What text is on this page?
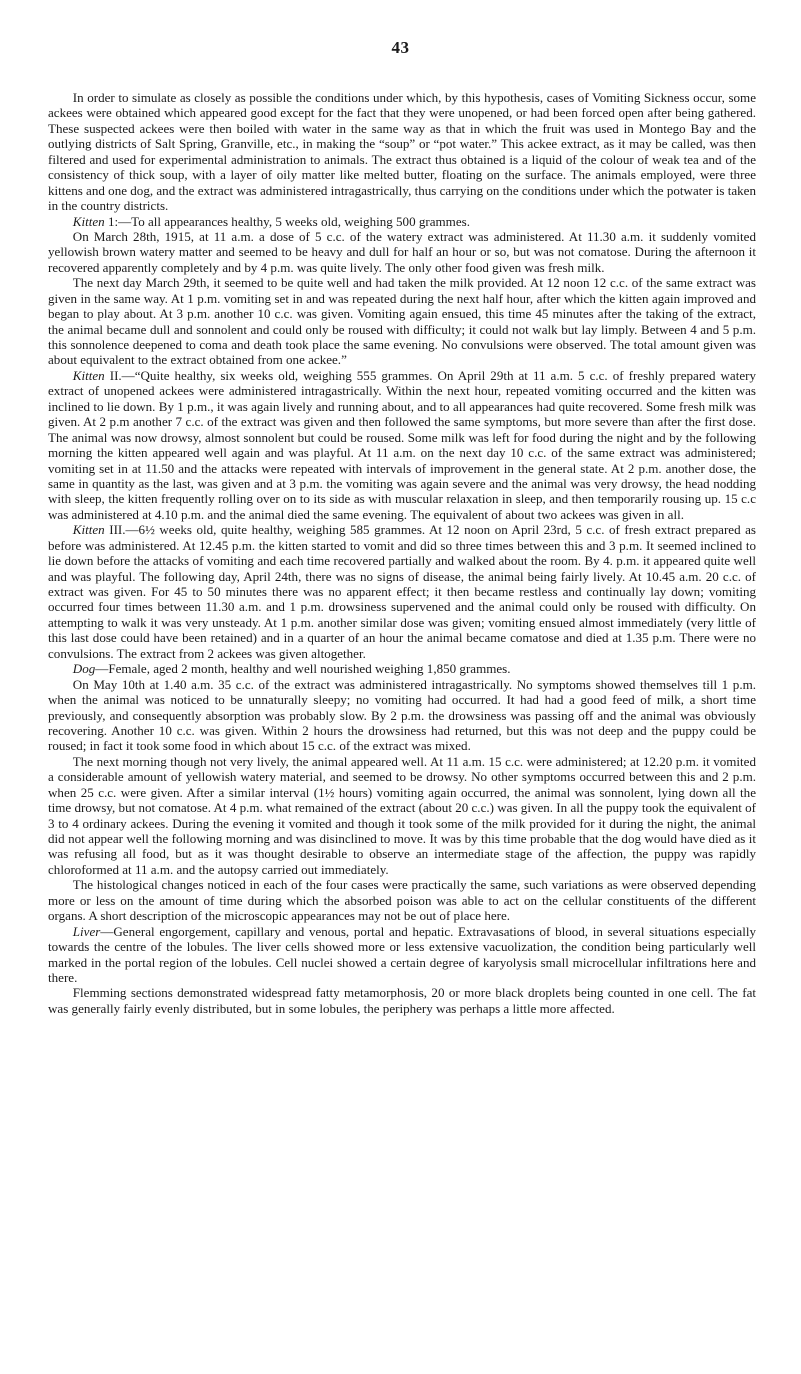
43

In order to simulate as closely as possible the conditions under which, by this hypothesis, cases of Vomiting Sickness occur, some ackees were obtained which appeared good except for the fact that they were unopened, or had been forced open after being gathered. These suspected ackees were then boiled with water in the same way as that in which the fruit was used in Montego Bay and the outlying districts of Salt Spring, Granville, etc., in making the “soup” or “pot water.” This ackee extract, as it may be called, was then filtered and used for experimental administration to animals. The extract thus obtained is a liquid of the colour of weak tea and of the consistency of thick soup, with a layer of oily matter like melted butter, floating on the surface. The animals employed, were three kittens and one dog, and the extract was administered intragastrically, thus carrying on the conditions under which the potwater is taken in the country districts.

Kitten 1:—To all appearances healthy, 5 weeks old, weighing 500 grammes.

On March 28th, 1915, at 11 a.m. a dose of 5 c.c. of the watery extract was administered. At 11.30 a.m. it suddenly vomited yellowish brown watery matter and seemed to be heavy and dull for half an hour or so, but was not comatose. During the afternoon it recovered apparently completely and by 4 p.m. was quite lively. The only other food given was fresh milk.

The next day March 29th, it seemed to be quite well and had taken the milk provided. At 12 noon 12 c.c. of the same extract was given in the same way. At 1 p.m. vomiting set in and was repeated during the next half hour, after which the kitten again improved and began to play about. At 3 p.m. another 10 c.c. was given. Vomiting again ensued, this time 45 minutes after the taking of the extract, the animal became dull and sonnolent and could only be roused with difficulty; it could not walk but lay limply. Between 4 and 5 p.m. this sonnolence deepened to coma and death took place the same evening. No convulsions were observed. The total amount given was about equivalent to the extract obtained from one ackee.”

Kitten II.—“Quite healthy, six weeks old, weighing 555 grammes. On April 29th at 11 a.m. 5 c.c. of freshly prepared watery extract of unopened ackees were administered intragastrically. Within the next hour, repeated vomiting occurred and the kitten was inclined to lie down. By 1 p.m., it was again lively and running about, and to all appearances had quite recovered. Some fresh milk was given. At 2 p.m another 7 c.c. of the extract was given and then followed the same symptoms, but more severe than after the first dose. The animal was now drowsy, almost sonnolent but could be roused. Some milk was left for food during the night and by the following morning the kitten appeared well again and was playful. At 11 a.m. on the next day 10 c.c. of the same extract was administered; vomiting set in at 11.50 and the attacks were repeated with intervals of improvement in the general state. At 2 p.m. another dose, the same in quantity as the last, was given and at 3 p.m. the vomiting was again severe and the animal was very drowsy, the head nodding with sleep, the kitten frequently rolling over on to its side as with muscular relaxation in sleep, and then temporarily rousing up. 15 c.c was administered at 4.10 p.m. and the animal died the same evening. The equivalent of about two ackees was given in all.

Kitten III.—6½ weeks old, quite healthy, weighing 585 grammes. At 12 noon on April 23rd, 5 c.c. of fresh extract prepared as before was administered. At 12.45 p.m. the kitten started to vomit and did so three times between this and 3 p.m. It seemed inclined to lie down before the attacks of vomiting and each time recovered partially and walked about the room. By 4. p.m. it appeared quite well and was playful. The following day, April 24th, there was no signs of disease, the animal being fairly lively. At 10.45 a.m. 20 c.c. of extract was given. For 45 to 50 minutes there was no apparent effect; it then became restless and continually lay down; vomiting occurred four times between 11.30 a.m. and 1 p.m. drowsiness supervened and the animal could only be roused with difficulty. On attempting to walk it was very unsteady. At 1 p.m. another similar dose was given; vomiting ensued almost immediately (very little of this last dose could have been retained) and in a quarter of an hour the animal became comatose and died at 1.35 p.m. There were no convulsions. The extract from 2 ackees was given altogether.

Dog—Female, aged 2 month, healthy and well nourished weighing 1,850 grammes.

On May 10th at 1.40 a.m. 35 c.c. of the extract was administered intragastrically. No symptoms showed themselves till 1 p.m. when the animal was noticed to be unnaturally sleepy; no vomiting had occurred. It had had a good feed of milk, a short time previously, and consequently absorption was probably slow. By 2 p.m. the drowsiness was passing off and the animal was obviously recovering. Another 10 c.c. was given. Within 2 hours the drowsiness had returned, but this was not deep and the puppy could be roused; in fact it took some food in which about 15 c.c. of the extract was mixed.

The next morning though not very lively, the animal appeared well. At 11 a.m. 15 c.c. were administered; at 12.20 p.m. it vomited a considerable amount of yellowish watery material, and seemed to be drowsy. No other symptoms occurred between this and 2 p.m. when 25 c.c. were given. After a similar interval (1½ hours) vomiting again occurred, the animal was sonnolent, lying down all the time drowsy, but not comatose. At 4 p.m. what remained of the extract (about 20 c.c.) was given. In all the puppy took the equivalent of 3 to 4 ordinary ackees. During the evening it vomited and though it took some of the milk provided for it during the night, the animal did not appear well the following morning and was disinclined to move. It was by this time probable that the dog would have died as it was refusing all food, but as it was thought desirable to observe an intermediate stage of the affection, the puppy was rapidly chloroformed at 11 a.m. and the autopsy carried out immediately.

The histological changes noticed in each of the four cases were practically the same, such variations as were observed depending more or less on the amount of time during which the absorbed poison was able to act on the cellular constituents of the different organs. A short description of the microscopic appearances may not be out of place here.

Liver—General engorgement, capillary and venous, portal and hepatic. Extravasations of blood, in several situations especially towards the centre of the lobules. The liver cells showed more or less extensive vacuolization, the condition being particularly well marked in the portal region of the lobules. Cell nuclei showed a certain degree of karyolysis small microcellular infiltrations here and there.

Flemming sections demonstrated widespread fatty metamorphosis, 20 or more black droplets being counted in one cell. The fat was generally fairly evenly distributed, but in some lobules, the periphery was perhaps a little more affected.
